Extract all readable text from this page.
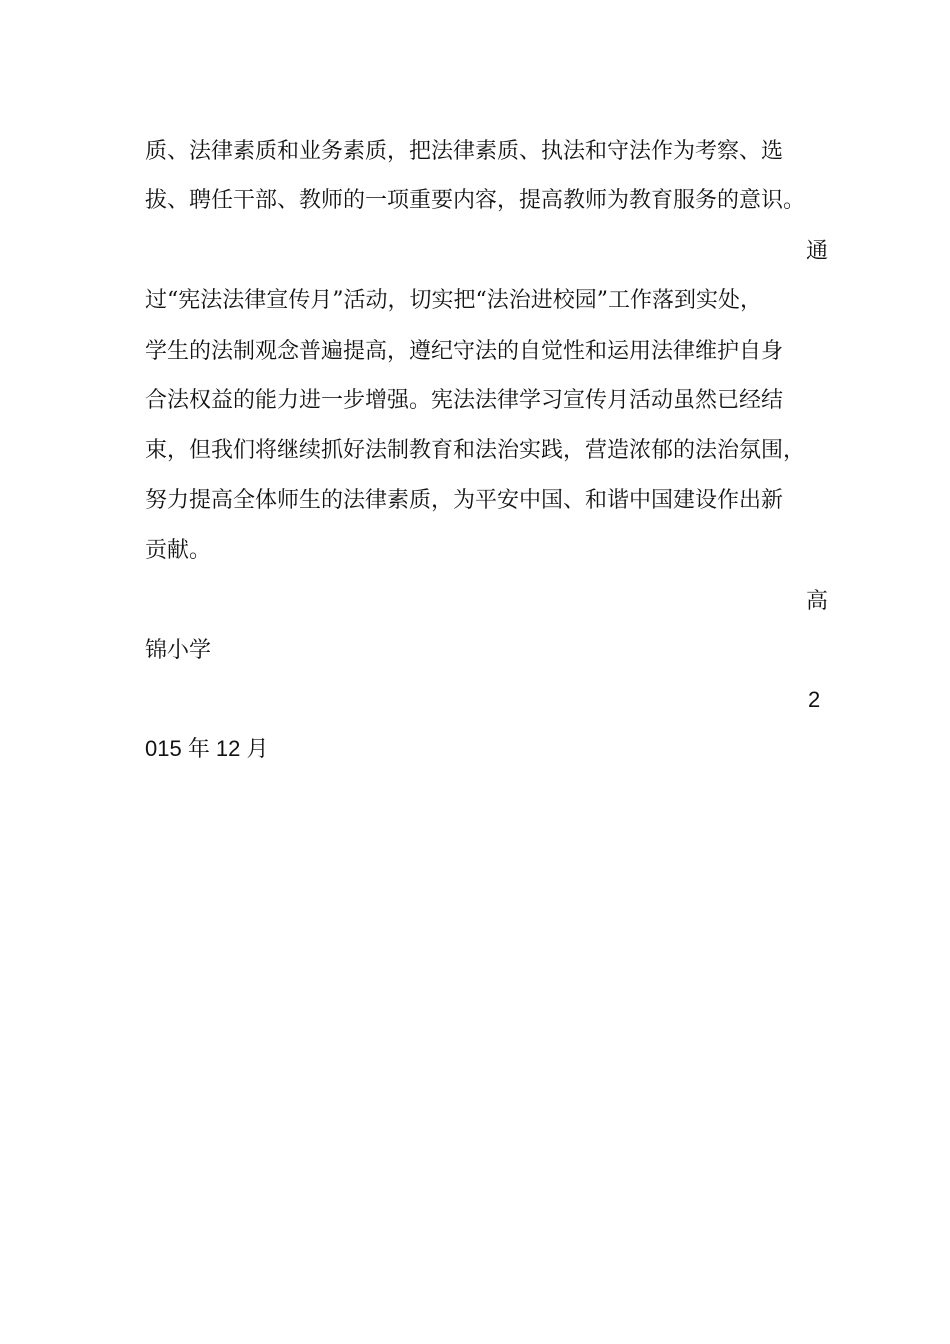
质、法律素质和业务素质，把法律素质、执法和守法作为考察、选
拔、聘任干部、教师的一项重要内容，提高教师为教育服务的意识。
通
过“宪法法律宣传月”活动，切实把“法治进校园”工作落到实处，
学生的法制观念普遍提高，遵纪守法的自觉性和运用法律维护自身
合法权益的能力进一步增强。宪法法律学习宣传月活动虽然已经结
束，但我们将继续抓好法制教育和法治实践，营造浓郁的法治氛围，
努力提高全体师生的法律素质，为平安中国、和谐中国建设作出新
贡献。
高
锦小学
2
015 年 12 月
